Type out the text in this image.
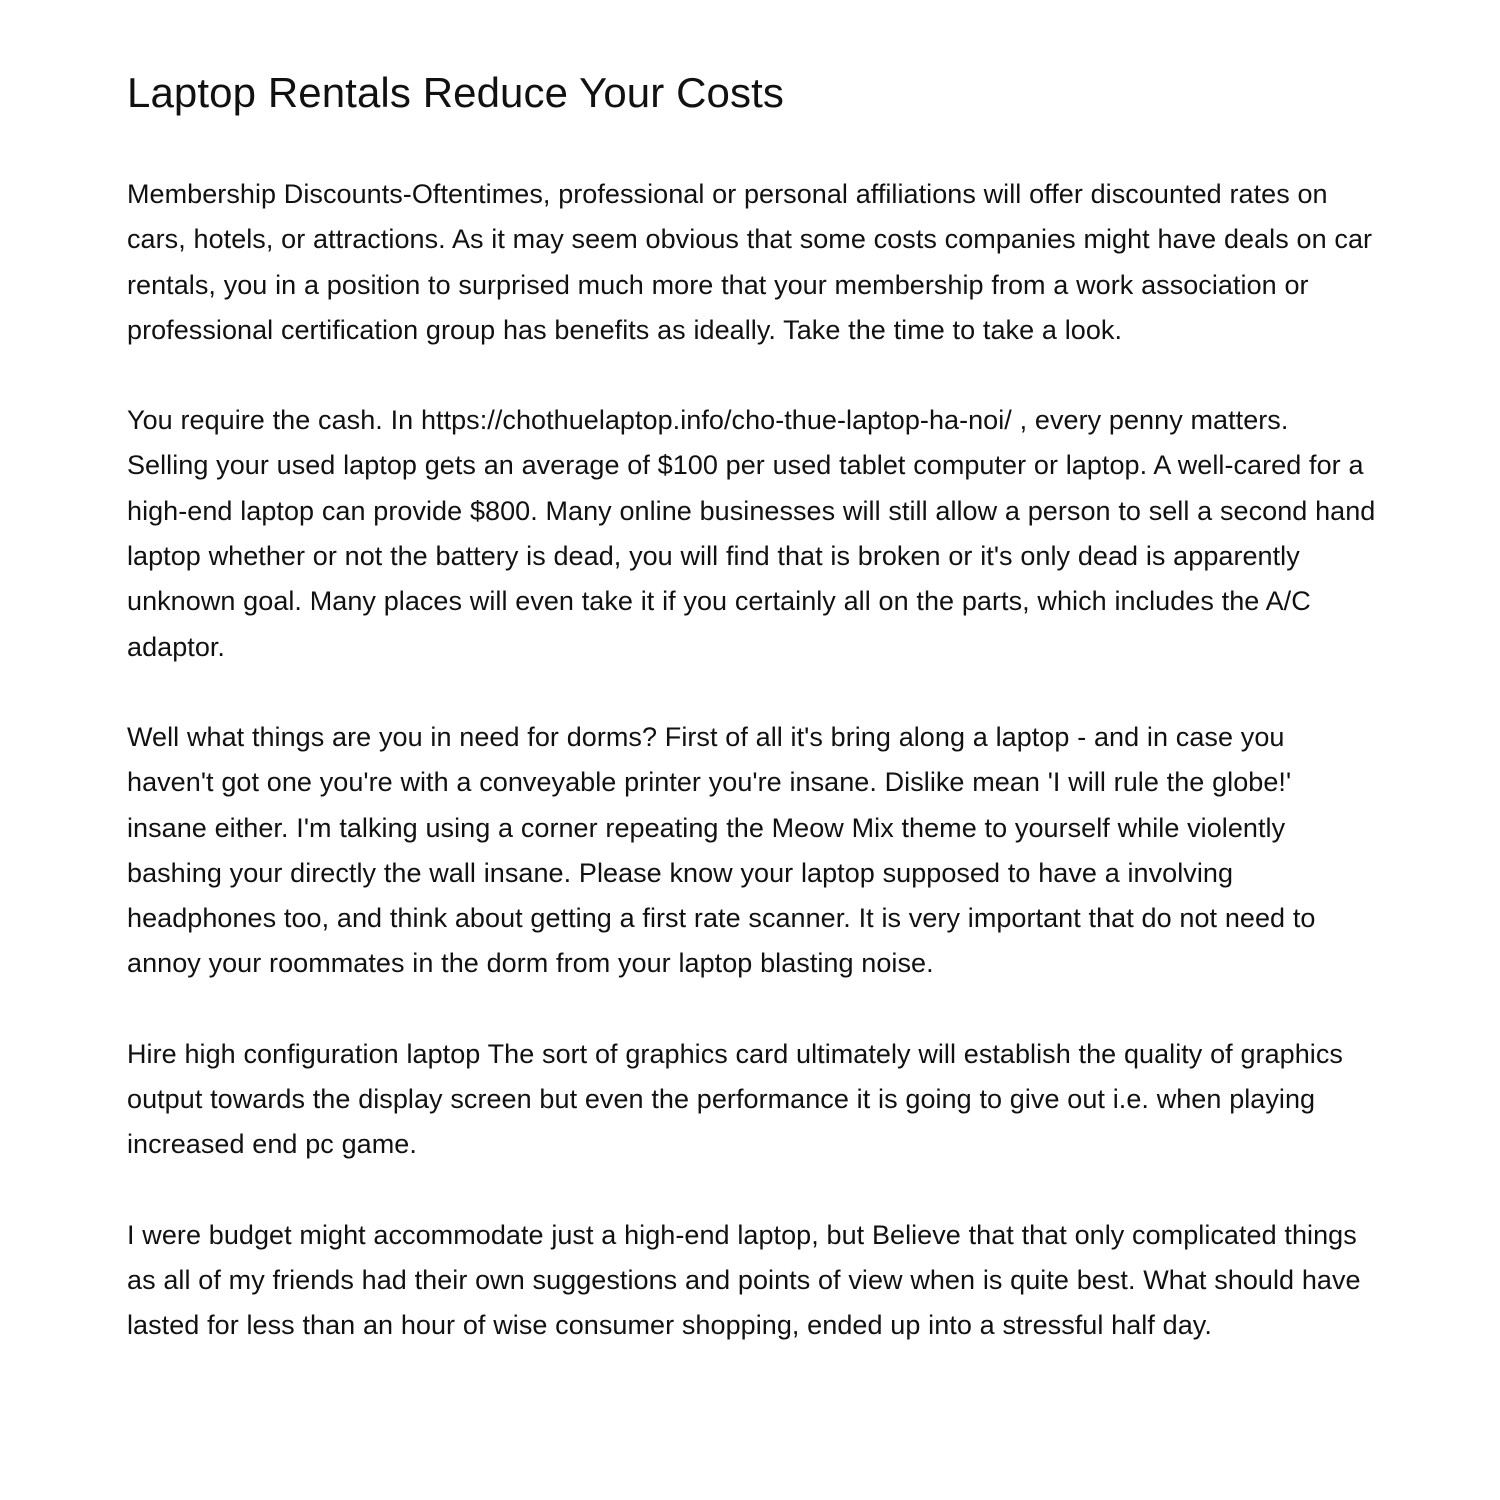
Laptop Rentals Reduce Your Costs

Membership Discounts-Oftentimes, professional or personal affiliations will offer discounted rates on cars, hotels, or attractions. As it may seem obvious that some costs companies might have deals on car rentals, you in a position to surprised much more that your membership from a work association or professional certification group has benefits as ideally. Take the time to take a look.

You require the cash. In https://chothuelaptop.info/cho-thue-laptop-ha-noi/ , every penny matters. Selling your used laptop gets an average of $100 per used tablet computer or laptop. A well-cared for a high-end laptop can provide $800. Many online businesses will still allow a person to sell a second hand laptop whether or not the battery is dead, you will find that is broken or it's only dead is apparently unknown goal. Many places will even take it if you certainly all on the parts, which includes the A/C adaptor.

Well what things are you in need for dorms? First of all it's bring along a laptop - and in case you haven't got one you're with a conveyable printer you're insane. Dislike mean 'I will rule the globe!' insane either. I'm talking using a corner repeating the Meow Mix theme to yourself while violently bashing your directly the wall insane. Please know your laptop supposed to have a involving headphones too, and think about getting a first rate scanner. It is very important that do not need to annoy your roommates in the dorm from your laptop blasting noise.

Hire high configuration laptop The sort of graphics card ultimately will establish the quality of graphics output towards the display screen but even the performance it is going to give out i.e. when playing increased end pc game.

I were budget might accommodate just a high-end laptop, but Believe that that only complicated things as all of my friends had their own suggestions and points of view when is quite best. What should have lasted for less than an hour of wise consumer shopping, ended up into a stressful half day.
